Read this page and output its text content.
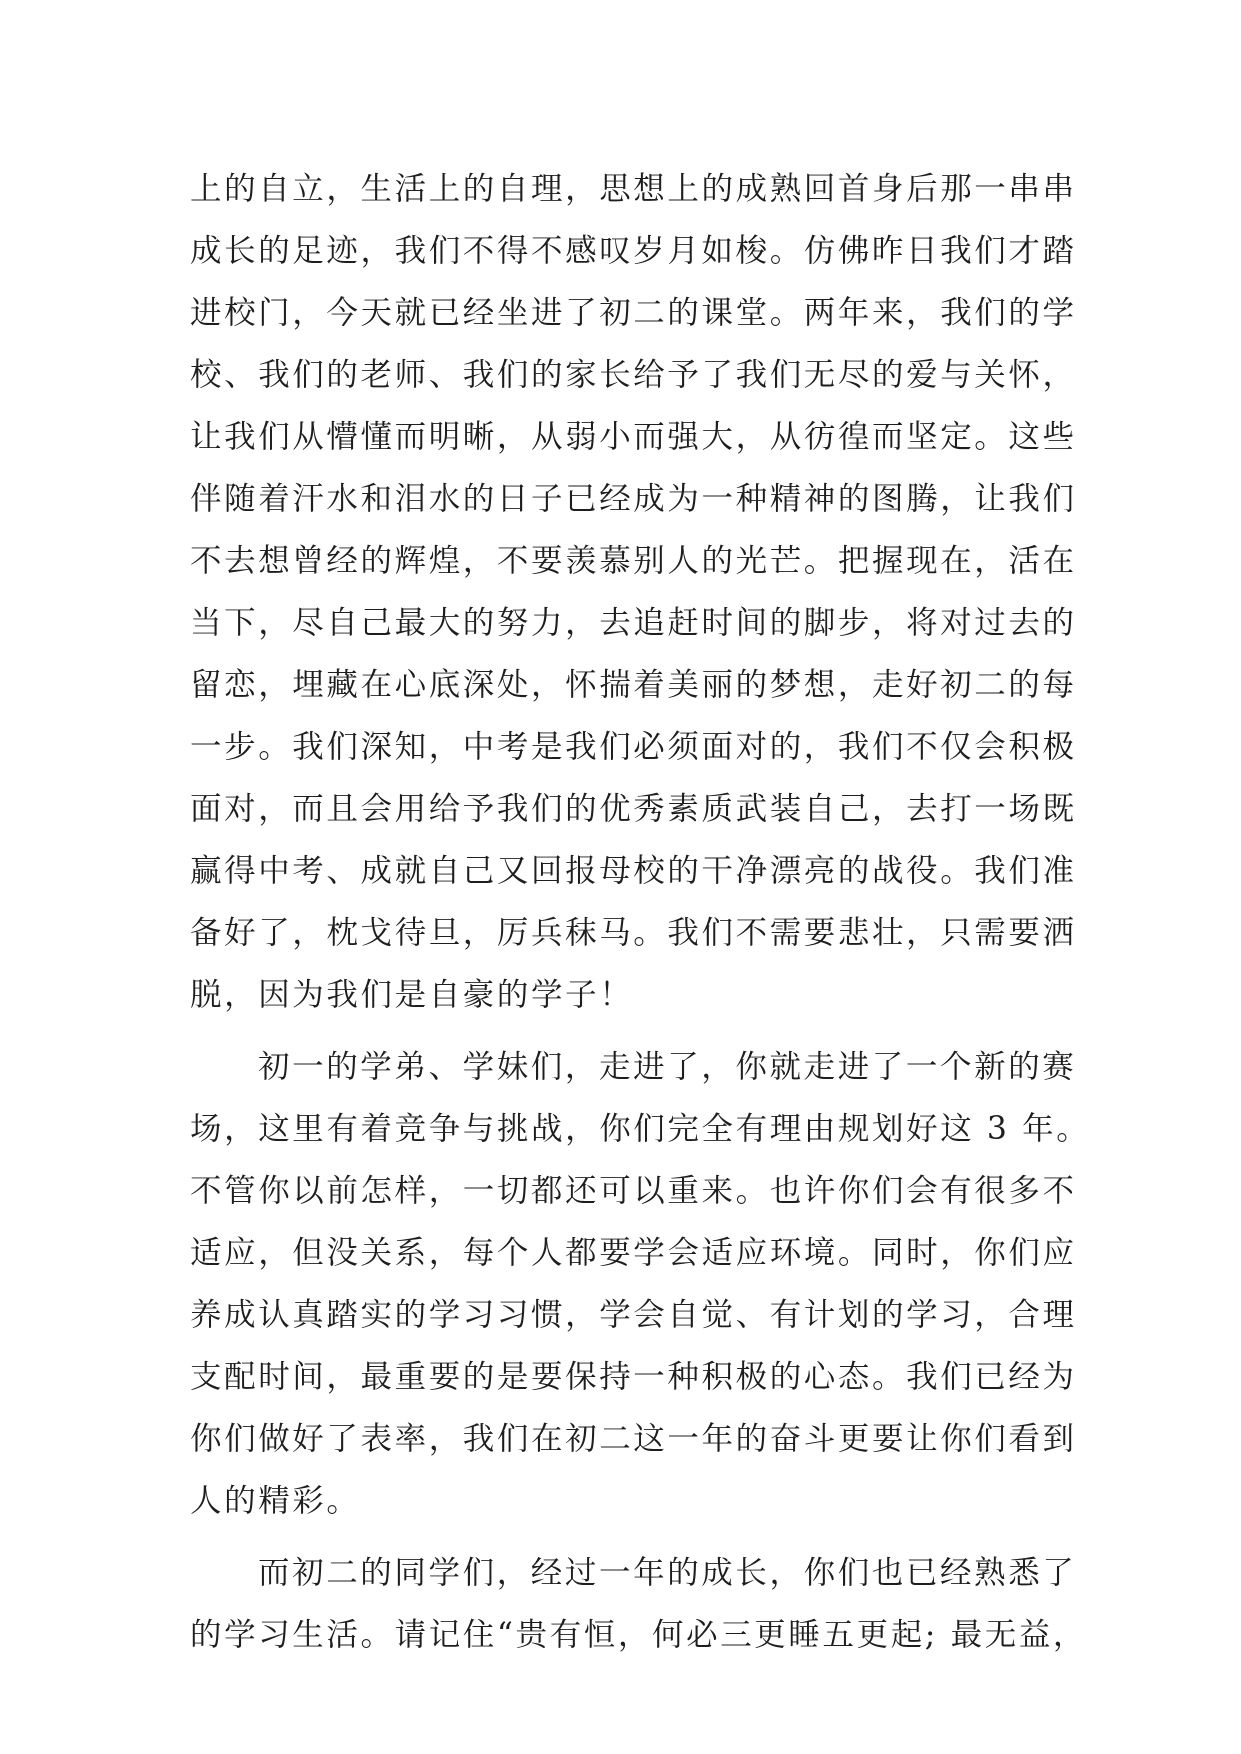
上的自立，生活上的自理，思想上的成熟回首身后那一串串
成长的足迹，我们不得不感叹岁月如梭。仿佛昨日我们才踏
进校门，今天就已经坐进了初二的课堂。两年来，我们的学
校、我们的老师、我们的家长给予了我们无尽的爱与关怀，
让我们从懵懂而明晰，从弱小而强大，从彷徨而坚定。这些
伴随着汗水和泪水的日子已经成为一种精神的图腾，让我们
不去想曾经的辉煌，不要羡慕别人的光芒。把握现在，活在
当下，尽自己最大的努力，去追赶时间的脚步，将对过去的
留恋，埋藏在心底深处，怀揣着美丽的梦想，走好初二的每
一步。我们深知，中考是我们必须面对的，我们不仅会积极
面对，而且会用给予我们的优秀素质武装自己，去打一场既
赢得中考、成就自己又回报母校的干净漂亮的战役。我们准
备好了，枕戈待旦，厉兵秣马。我们不需要悲壮，只需要洒
脱，因为我们是自豪的学子！
初一的学弟、学妹们，走进了，你就走进了一个新的赛
场，这里有着竞争与挑战，你们完全有理由规划好这 3 年。
不管你以前怎样，一切都还可以重来。也许你们会有很多不
适应，但没关系，每个人都要学会适应环境。同时，你们应
养成认真踏实的学习习惯，学会自觉、有计划的学习，合理
支配时间，最重要的是要保持一种积极的心态。我们已经为
你们做好了表率，我们在初二这一年的奋斗更要让你们看到
人的精彩。
而初二的同学们，经过一年的成长，你们也已经熟悉了
的学习生活。请记住“贵有恒，何必三更睡五更起; 最无益，
